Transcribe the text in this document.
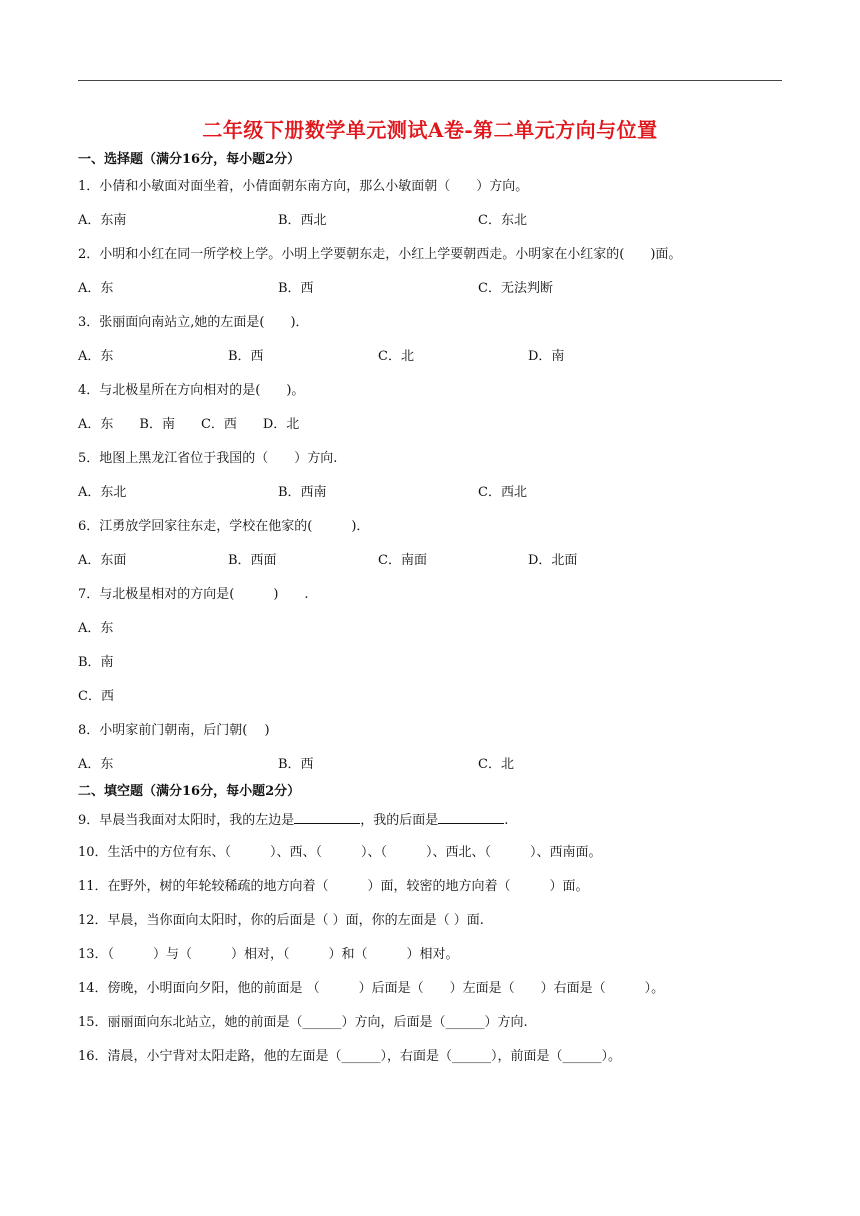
二年级下册数学单元测试A卷-第二单元方向与位置
一、选择题（满分16分，每小题2分）
1．小倩和小敏面对面坐着，小倩面朝东南方向，那么小敏面朝（　　）方向。
A．东南	B．西北	C．东北
2．小明和小红在同一所学校上学。小明上学要朝东走，小红上学要朝西走。小明家在小红家的(　　)面。
A．东	B．西	C．无法判断
3．张丽面向南站立,她的左面是(　　)．
A．东	B．西	C．北	D．南
4．与北极星所在方向相对的是(　　)。
A．东　　B．南　　C．西　　D．北
5．地图上黑龙江省位于我国的（　　）方向.
A．东北	B．西南	C．西北
6．江勇放学回家往东走，学校在他家的(　　　)．
A．东面	B．西面	C．南面	D．北面
7．与北极星相对的方向是(　　　)　　.
A．东
B．南
C．西
8．小明家前门朝南，后门朝(　 )
A．东	B．西	C．北
二、填空题（满分16分，每小题2分）
9．早晨当我面对太阳时，我的左边是	，我的后面是	.
10．生活中的方位有东、（　　　）、西、（　　　）、（　　　）、西北、（　　　）、西南面。
11．在野外，树的年轮较稀疏的地方向着（　　　）面，较密的地方向着（　　　）面。
12．早晨，当你面向太阳时，你的后面是（ ）面，你的左面是（ ）面.
13．（　　　）与（　　　）相对，（　　　）和（　　　）相对。
14．傍晚，小明面向夕阳，他的前面是 （　　　）后面是（　　）左面是（　　）右面是（　　　）。
15．丽丽面向东北站立，她的前面是（______）方向，后面是（______）方向.
16．清晨，小宁背对太阳走路，他的左面是（______），右面是（______），前面是（______）。
